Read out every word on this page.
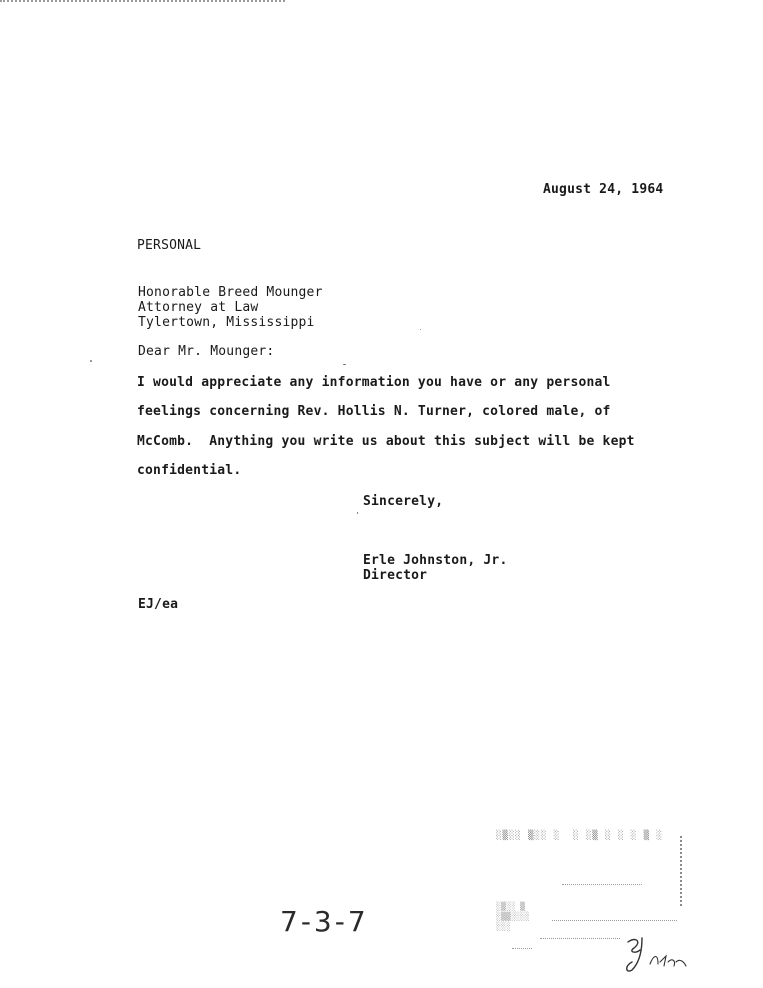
August 24, 1964
PERSONAL
Honorable Breed Mounger
Attorney at Law
Tylertown, Mississippi
Dear Mr. Mounger:
I would appreciate any information you have or any personal
feelings concerning Rev. Hollis N. Turner, colored male, of
McComb.  Anything you write us about this subject will be kept
confidential.
Sincerely,
Erle Johnston, Jr.
Director
EJ/ea
7-3-7
░▒░░ ▒░░ ░  ░ ░▒ ░ ░ ░ ▒ ░
░▒░░ ▒
░▒▒░░░░
░░░
